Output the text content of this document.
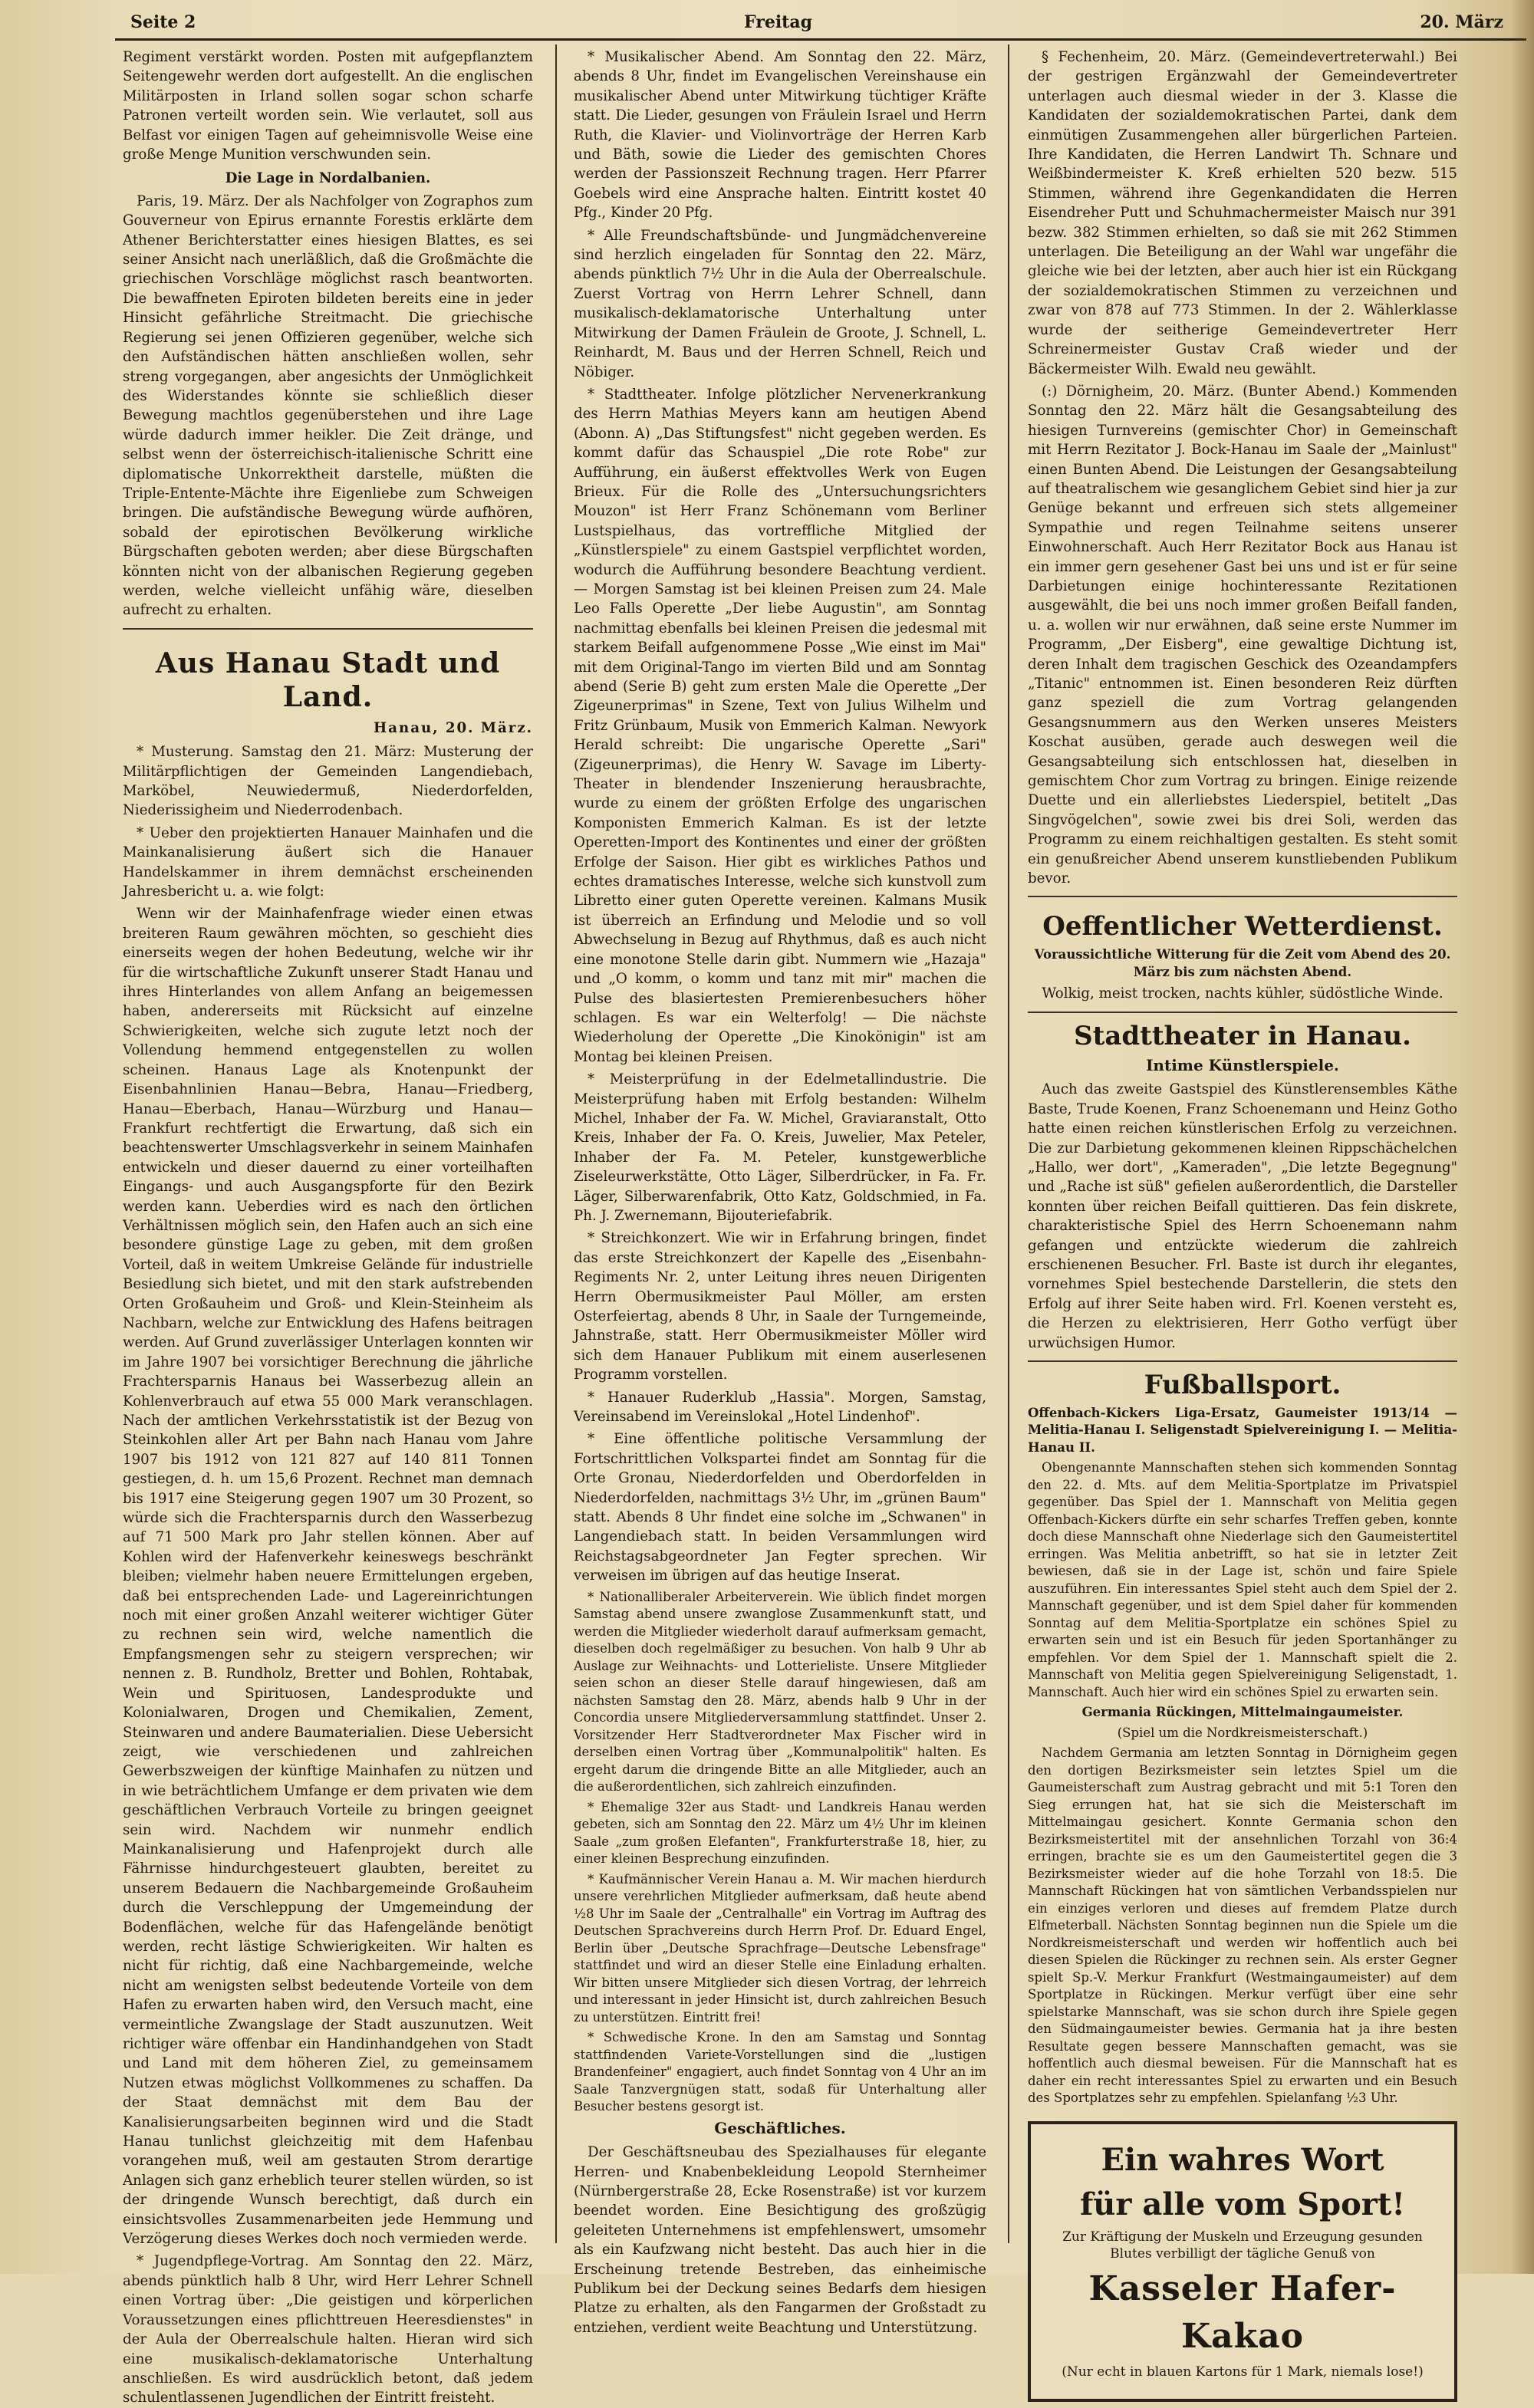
Seite 2	Freitag	20. März

Regiment verstärkt worden. Posten mit aufgepflanztem Seitengewehr werden dort aufgestellt. An die englischen Militärposten in Irland sollen sogar schon scharfe Patronen verteilt worden sein. Wie verlautet, soll aus Belfast vor einigen Tagen auf geheimnisvolle Weise eine große Menge Munition verschwunden sein.

Die Lage in Nordalbanien.

Paris, 19. März. Der als Nachfolger von Zographos zum Gouverneur von Epirus ernannte Forestis erklärte dem Athener Berichterstatter eines hiesigen Blattes, es sei seiner Ansicht nach unerläßlich, daß die Großmächte die griechischen Vorschläge möglichst rasch beantworten. Die bewaffneten Epiroten bildeten bereits eine in jeder Hinsicht gefährliche Streitmacht. Die griechische Regierung sei jenen Offizieren gegenüber, welche sich den Aufständischen hätten anschließen wollen, sehr streng vorgegangen, aber angesichts der Unmöglichkeit des Widerstandes könnte sie schließlich dieser Bewegung machtlos gegenüberstehen und ihre Lage würde dadurch immer heikler. Die Zeit dränge, und selbst wenn der österreichisch-italienische Schritt eine diplomatische Unkorrektheit darstelle, müßten die Triple-Entente-Mächte ihre Eigenliebe zum Schweigen bringen. Die aufständische Bewegung würde aufhören, sobald der epirotischen Bevölkerung wirkliche Bürgschaften geboten werden; aber diese Bürgschaften könnten nicht von der albanischen Regierung gegeben werden, welche vielleicht unfähig wäre, dieselben aufrecht zu erhalten.

Aus Hanau Stadt und Land.

Hanau, 20. März.

* Musterung. Samstag den 21. März: Musterung der Militärpflichtigen der Gemeinden Langendiebach, Marköbel, Neuwiedermuß, Niederdorfelden, Niederissigheim und Niederrodenbach.

* Ueber den projektierten Hanauer Mainhafen und die Mainkanalisierung äußert sich die Hanauer Handelskammer in ihrem demnächst erscheinenden Jahresbericht u. a. wie folgt:

Wenn wir der Mainhafenfrage wieder einen etwas breiteren Raum gewähren möchten, so geschieht dies einerseits wegen der hohen Bedeutung, welche wir ihr für die wirtschaftliche Zukunft unserer Stadt Hanau und ihres Hinterlandes von allem Anfang an beigemessen haben, andererseits mit Rücksicht auf einzelne Schwierigkeiten, welche sich zugute letzt noch der Vollendung hemmend entgegenstellen zu wollen scheinen. Hanaus Lage als Knotenpunkt der Eisenbahnlinien Hanau—Bebra, Hanau—Friedberg, Hanau—Eberbach, Hanau—Würzburg und Hanau—Frankfurt rechtfertigt die Erwartung, daß sich ein beachtenswerter Umschlagsverkehr in seinem Mainhafen entwickeln und dieser dauernd zu einer vorteilhaften Eingangs- und auch Ausgangspforte für den Bezirk werden kann. Ueberdies wird es nach den örtlichen Verhältnissen möglich sein, den Hafen auch an sich eine besondere günstige Lage zu geben, mit dem großen Vorteil, daß in weitem Umkreise Gelände für industrielle Besiedlung sich bietet, und mit den stark aufstrebenden Orten Großauheim und Groß- und Klein-Steinheim als Nachbarn, welche zur Entwicklung des Hafens beitragen werden. Auf Grund zuverlässiger Unterlagen konnten wir im Jahre 1907 bei vorsichtiger Berechnung die jährliche Frachtersparnis Hanaus bei Wasserbezug allein an Kohlenverbrauch auf etwa 55 000 Mark veranschlagen. Nach der amtlichen Verkehrsstatistik ist der Bezug von Steinkohlen aller Art per Bahn nach Hanau vom Jahre 1907 bis 1912 von 121 827 auf 140 811 Tonnen gestiegen, d. h. um 15,6 Prozent. Rechnet man demnach bis 1917 eine Steigerung gegen 1907 um 30 Prozent, so würde sich die Frachtersparnis durch den Wasserbezug auf 71 500 Mark pro Jahr stellen können. Aber auf Kohlen wird der Hafenverkehr keineswegs beschränkt bleiben; vielmehr haben neuere Ermittelungen ergeben, daß bei entsprechenden Lade- und Lagereinrichtungen noch mit einer großen Anzahl weiterer wichtiger Güter zu rechnen sein wird, welche namentlich die Empfangsmengen sehr zu steigern versprechen; wir nennen z. B. Rundholz, Bretter und Bohlen, Rohtabak, Wein und Spirituosen, Landesprodukte und Kolonialwaren, Drogen und Chemikalien, Zement, Steinwaren und andere Baumaterialien. Diese Uebersicht zeigt, wie verschiedenen und zahlreichen Gewerbszweigen der künftige Mainhafen zu nützen und in wie beträchtlichem Umfange er dem privaten wie dem geschäftlichen Verbrauch Vorteile zu bringen geeignet sein wird. Nachdem wir nunmehr endlich Mainkanalisierung und Hafenprojekt durch alle Fährnisse hindurchgesteuert glaubten, bereitet zu unserem Bedauern die Nachbargemeinde Großauheim durch die Verschleppung der Umgemeindung der Bodenflächen, welche für das Hafengelände benötigt werden, recht lästige Schwierigkeiten. Wir halten es nicht für richtig, daß eine Nachbargemeinde, welche nicht am wenigsten selbst bedeutende Vorteile von dem Hafen zu erwarten haben wird, den Versuch macht, eine vermeintliche Zwangslage der Stadt auszunutzen. Weit richtiger wäre offenbar ein Handinhandgehen von Stadt und Land mit dem höheren Ziel, zu gemeinsamem Nutzen etwas möglichst Vollkommenes zu schaffen. Da der Staat demnächst mit dem Bau der Kanalisierungsarbeiten beginnen wird und die Stadt Hanau tunlichst gleichzeitig mit dem Hafenbau vorangehen muß, weil am gestauten Strom derartige Anlagen sich ganz erheblich teurer stellen würden, so ist der dringende Wunsch berechtigt, daß durch ein einsichtsvolles Zusammenarbeiten jede Hemmung und Verzögerung dieses Werkes doch noch vermieden werde.

* Jugendpflege-Vortrag. Am Sonntag den 22. März, abends pünktlich halb 8 Uhr, wird Herr Lehrer Schnell einen Vortrag über: „Die geistigen und körperlichen Voraussetzungen eines pflichttreuen Heeresdienstes" in der Aula der Oberrealschule halten. Hieran wird sich eine musikalisch-deklamatorische Unterhaltung anschließen. Es wird ausdrücklich betont, daß jedem schulentlassenen Jugendlichen der Eintritt freisteht.

* Musikalischer Abend. Am Sonntag den 22. März, abends 8 Uhr, findet im Evangelischen Vereinshause ein musikalischer Abend unter Mitwirkung tüchtiger Kräfte statt. Die Lieder, gesungen von Fräulein Israel und Herrn Ruth, die Klavier- und Violinvorträge der Herren Karb und Bäth, sowie die Lieder des gemischten Chores werden der Passionszeit Rechnung tragen. Herr Pfarrer Goebels wird eine Ansprache halten. Eintritt kostet 40 Pfg., Kinder 20 Pfg.

* Alle Freundschaftsbünde- und Jungmädchenvereine sind herzlich eingeladen für Sonntag den 22. März, abends pünktlich 7½ Uhr in die Aula der Oberrealschule. Zuerst Vortrag von Herrn Lehrer Schnell, dann musikalisch-deklamatorische Unterhaltung unter Mitwirkung der Damen Fräulein de Groote, J. Schnell, L. Reinhardt, M. Baus und der Herren Schnell, Reich und Nöbiger.

* Stadttheater. Infolge plötzlicher Nervenerkrankung des Herrn Mathias Meyers kann am heutigen Abend (Abonn. A) „Das Stiftungsfest" nicht gegeben werden. Es kommt dafür das Schauspiel „Die rote Robe" zur Aufführung, ein äußerst effektvolles Werk von Eugen Brieux. Für die Rolle des „Untersuchungsrichters Mouzon" ist Herr Franz Schönemann vom Berliner Lustspielhaus, das vortreffliche Mitglied der „Künstlerspiele" zu einem Gastspiel verpflichtet worden, wodurch die Aufführung besondere Beachtung verdient. — Morgen Samstag ist bei kleinen Preisen zum 24. Male Leo Falls Operette „Der liebe Augustin", am Sonntag nachmittag ebenfalls bei kleinen Preisen die jedesmal mit starkem Beifall aufgenommene Posse „Wie einst im Mai" mit dem Original-Tango im vierten Bild und am Sonntag abend (Serie B) geht zum ersten Male die Operette „Der Zigeunerprimas" in Szene, Text von Julius Wilhelm und Fritz Grünbaum, Musik von Emmerich Kalman. Newyork Herald schreibt: Die ungarische Operette „Sari" (Zigeunerprimas), die Henry W. Savage im Liberty-Theater in blendender Inszenierung herausbrachte, wurde zu einem der größten Erfolge des ungarischen Komponisten Emmerich Kalman. Es ist der letzte Operetten-Import des Kontinentes und einer der größten Erfolge der Saison. Hier gibt es wirkliches Pathos und echtes dramatisches Interesse, welche sich kunstvoll zum Libretto einer guten Operette vereinen. Kalmans Musik ist überreich an Erfindung und Melodie und so voll Abwechselung in Bezug auf Rhythmus, daß es auch nicht eine monotone Stelle darin gibt. Nummern wie „Hazaja" und „O komm, o komm und tanz mit mir" machen die Pulse des blasiertesten Premierenbesuchers höher schlagen. Es war ein Welterfolg! — Die nächste Wiederholung der Operette „Die Kinokönigin" ist am Montag bei kleinen Preisen.

* Meisterprüfung in der Edelmetallindustrie. Die Meisterprüfung haben mit Erfolg bestanden: Wilhelm Michel, Inhaber der Fa. W. Michel, Graviaranstalt, Otto Kreis, Inhaber der Fa. O. Kreis, Juwelier, Max Peteler, Inhaber der Fa. M. Peteler, kunstgewerbliche Ziseleurwerkstätte, Otto Läger, Silberdrücker, in Fa. Fr. Läger, Silberwarenfabrik, Otto Katz, Goldschmied, in Fa. Ph. J. Zwernemann, Bijouteriefabrik.

* Streichkonzert. Wie wir in Erfahrung bringen, findet das erste Streichkonzert der Kapelle des „Eisenbahn-Regiments Nr. 2, unter Leitung ihres neuen Dirigenten Herrn Obermusikmeister Paul Möller, am ersten Osterfeiertag, abends 8 Uhr, in Saale der Turngemeinde, Jahnstraße, statt. Herr Obermusikmeister Möller wird sich dem Hanauer Publikum mit einem auserlesenen Programm vorstellen.

* Hanauer Ruderklub „Hassia". Morgen, Samstag, Vereinsabend im Vereinslokal „Hotel Lindenhof".

* Eine öffentliche politische Versammlung der Fortschrittlichen Volkspartei findet am Sonntag für die Orte Gronau, Niederdorfelden und Oberdorfelden in Niederdorfelden, nachmittags 3½ Uhr, im „grünen Baum" statt. Abends 8 Uhr findet eine solche im „Schwanen" in Langendiebach statt. In beiden Versammlungen wird Reichstagsabgeordneter Jan Fegter sprechen. Wir verweisen im übrigen auf das heutige Inserat.

* Nationalliberaler Arbeiterverein. Wie üblich findet morgen Samstag abend unsere zwanglose Zusammenkunft statt, und werden die Mitglieder wiederholt darauf aufmerksam gemacht, dieselben doch regelmäßiger zu besuchen. Von halb 9 Uhr ab Auslage zur Weihnachts- und Lotterieliste. Unsere Mitglieder seien schon an dieser Stelle darauf hingewiesen, daß am nächsten Samstag den 28. März, abends halb 9 Uhr in der Concordia unsere Mitgliederversammlung stattfindet. Unser 2. Vorsitzender Herr Stadtverordneter Max Fischer wird in derselben einen Vortrag über „Kommunalpolitik" halten. Es ergeht darum die dringende Bitte an alle Mitglieder, auch an die außerordentlichen, sich zahlreich einzufinden.

* Ehemalige 32er aus Stadt- und Landkreis Hanau werden gebeten, sich am Sonntag den 22. März um 4½ Uhr im kleinen Saale „zum großen Elefanten", Frankfurterstraße 18, hier, zu einer kleinen Besprechung einzufinden.

* Kaufmännischer Verein Hanau a. M. Wir machen hierdurch unsere verehrlichen Mitglieder aufmerksam, daß heute abend ½8 Uhr im Saale der „Centralhalle" ein Vortrag im Auftrag des Deutschen Sprachvereins durch Herrn Prof. Dr. Eduard Engel, Berlin über „Deutsche Sprachfrage—Deutsche Lebensfrage" stattfindet und wird an dieser Stelle eine Einladung erhalten. Wir bitten unsere Mitglieder sich diesen Vortrag, der lehrreich und interessant in jeder Hinsicht ist, durch zahlreichen Besuch zu unterstützen. Eintritt frei!

* Schwedische Krone. In den am Samstag und Sonntag stattfindenden Variete-Vorstellungen sind die „lustigen Brandenfeiner" engagiert, auch findet Sonntag von 4 Uhr an im Saale Tanzvergnügen statt, sodaß für Unterhaltung aller Besucher bestens gesorgt ist.

Geschäftliches.

Der Geschäftsneubau des Spezialhauses für elegante Herren- und Knabenbekleidung Leopold Sternheimer (Nürnbergerstraße 28, Ecke Rosenstraße) ist vor kurzem beendet worden. Eine Besichtigung des großzügig geleiteten Unternehmens ist empfehlenswert, umsomehr als ein Kaufzwang nicht besteht. Das auch hier in die Erscheinung tretende Bestreben, das einheimische Publikum bei der Deckung seines Bedarfs dem hiesigen Platze zu erhalten, als den Fangarmen der Großstadt zu entziehen, verdient weite Beachtung und Unterstützung.

§ Fechenheim, 20. März. (Gemeindevertreterwahl.) Bei der gestrigen Ergänzwahl der Gemeindevertreter unterlagen auch diesmal wieder in der 3. Klasse die Kandidaten der sozialdemokratischen Partei, dank dem einmütigen Zusammengehen aller bürgerlichen Parteien. Ihre Kandidaten, die Herren Landwirt Th. Schnare und Weißbindermeister K. Kreß erhielten 520 bezw. 515 Stimmen, während ihre Gegenkandidaten die Herren Eisendreher Putt und Schuhmachermeister Maisch nur 391 bezw. 382 Stimmen erhielten, so daß sie mit 262 Stimmen unterlagen. Die Beteiligung an der Wahl war ungefähr die gleiche wie bei der letzten, aber auch hier ist ein Rückgang der sozialdemokratischen Stimmen zu verzeichnen und zwar von 878 auf 773 Stimmen. In der 2. Wählerklasse wurde der seitherige Gemeindevertreter Herr Schreinermeister Gustav Craß wieder und der Bäckermeister Wilh. Ewald neu gewählt.

(:) Dörnigheim, 20. März. (Bunter Abend.) Kommenden Sonntag den 22. März hält die Gesangsabteilung des hiesigen Turnvereins (gemischter Chor) in Gemeinschaft mit Herrn Rezitator J. Bock-Hanau im Saale der „Mainlust" einen Bunten Abend. Die Leistungen der Gesangsabteilung auf theatralischem wie gesanglichem Gebiet sind hier ja zur Genüge bekannt und erfreuen sich stets allgemeiner Sympathie und regen Teilnahme seitens unserer Einwohnerschaft. Auch Herr Rezitator Bock aus Hanau ist ein immer gern gesehener Gast bei uns und ist er für seine Darbietungen einige hochinteressante Rezitationen ausgewählt, die bei uns noch immer großen Beifall fanden, u. a. wollen wir nur erwähnen, daß seine erste Nummer im Programm, „Der Eisberg", eine gewaltige Dichtung ist, deren Inhalt dem tragischen Geschick des Ozeandampfers „Titanic" entnommen ist. Einen besonderen Reiz dürften ganz speziell die zum Vortrag gelangenden Gesangsnummern aus den Werken unseres Meisters Koschat ausüben, gerade auch deswegen weil die Gesangsabteilung sich entschlossen hat, dieselben in gemischtem Chor zum Vortrag zu bringen. Einige reizende Duette und ein allerliebstes Liederspiel, betitelt „Das Singvögelchen", sowie zwei bis drei Soli, werden das Programm zu einem reichhaltigen gestalten. Es steht somit ein genußreicher Abend unserem kunstliebenden Publikum bevor.

Oeffentlicher Wetterdienst.

Voraussichtliche Witterung für die Zeit vom Abend des 20. März bis zum nächsten Abend.

Wolkig, meist trocken, nachts kühler, südöstliche Winde.

Stadttheater in Hanau.

Intime Künstlerspiele.

Auch das zweite Gastspiel des Künstlerensembles Käthe Baste, Trude Koenen, Franz Schoenemann und Heinz Gotho hatte einen reichen künstlerischen Erfolg zu verzeichnen. Die zur Darbietung gekommenen kleinen Rippschächelchen „Hallo, wer dort", „Kameraden", „Die letzte Begegnung" und „Rache ist süß" gefielen außerordentlich, die Darsteller konnten über reichen Beifall quittieren. Das fein diskrete, charakteristische Spiel des Herrn Schoenemann nahm gefangen und entzückte wiederum die zahlreich erschienenen Besucher. Frl. Baste ist durch ihr elegantes, vornehmes Spiel bestechende Darstellerin, die stets den Erfolg auf ihrer Seite haben wird. Frl. Koenen versteht es, die Herzen zu elektrisieren, Herr Gotho verfügt über urwüchsigen Humor.

Fußballsport.

Offenbach-Kickers Liga-Ersatz, Gaumeister 1913/14 — Melitia-Hanau I. Seligenstadt Spielvereinigung I. — Melitia-Hanau II.

Obengenannte Mannschaften stehen sich kommenden Sonntag den 22. d. Mts. auf dem Melitia-Sportplatze im Privatspiel gegenüber. Das Spiel der 1. Mannschaft von Melitia gegen Offenbach-Kickers dürfte ein sehr scharfes Treffen geben, konnte doch diese Mannschaft ohne Niederlage sich den Gaumeistertitel erringen. Was Melitia anbetrifft, so hat sie in letzter Zeit bewiesen, daß sie in der Lage ist, schön und faire Spiele auszuführen. Ein interessantes Spiel steht auch dem Spiel der 2. Mannschaft gegenüber, und ist dem Spiel daher für kommenden Sonntag auf dem Melitia-Sportplatze ein schönes Spiel zu erwarten sein und ist ein Besuch für jeden Sportanhänger zu empfehlen. Vor dem Spiel der 1. Mannschaft spielt die 2. Mannschaft von Melitia gegen Spielvereinigung Seligenstadt, 1. Mannschaft. Auch hier wird ein schönes Spiel zu erwarten sein.

Germania Rückingen, Mittelmaingaumeister.

(Spiel um die Nordkreismeisterschaft.)

Nachdem Germania am letzten Sonntag in Dörnigheim gegen den dortigen Bezirksmeister sein letztes Spiel um die Gaumeisterschaft zum Austrag gebracht und mit 5:1 Toren den Sieg errungen hat, hat sie sich die Meisterschaft im Mittelmaingau gesichert. Konnte Germania schon den Bezirksmeistertitel mit der ansehnlichen Torzahl von 36:4 erringen, brachte sie es um den Gaumeistertitel gegen die 3 Bezirksmeister wieder auf die hohe Torzahl von 18:5. Die Mannschaft Rückingen hat von sämtlichen Verbandsspielen nur ein einziges verloren und dieses auf fremdem Platze durch Elfmeterball. Nächsten Sonntag beginnen nun die Spiele um die Nordkreismeisterschaft und werden wir hoffentlich auch bei diesen Spielen die Rückinger zu rechnen sein. Als erster Gegner spielt Sp.-V. Merkur Frankfurt (Westmaingaumeister) auf dem Sportplatze in Rückingen. Merkur verfügt über eine sehr spielstarke Mannschaft, was sie schon durch ihre Spiele gegen den Südmaingaumeister bewies. Germania hat ja ihre besten Resultate gegen bessere Mannschaften gemacht, was sie hoffentlich auch diesmal beweisen. Für die Mannschaft hat es daher ein recht interessantes Spiel zu erwarten und ein Besuch des Sportplatzes sehr zu empfehlen. Spielanfang ½3 Uhr.

Ein wahres Wort

für alle vom Sport!

Zur Kräftigung der Muskeln und Erzeugung gesunden Blutes verbilligt der tägliche Genuß von

Kasseler Hafer-Kakao

(Nur echt in blauen Kartons für 1 Mark, niemals lose!)
